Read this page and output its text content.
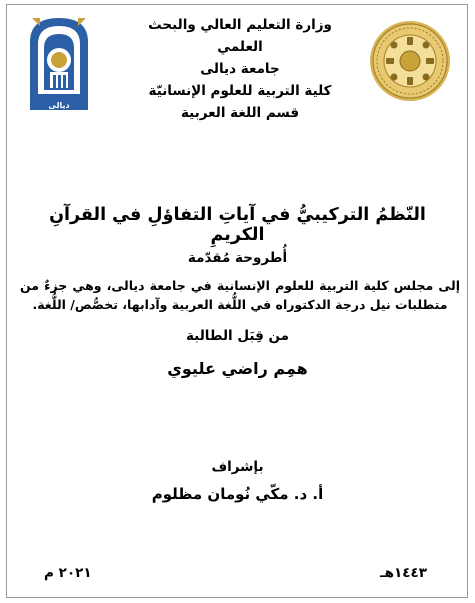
ديالى
وزارة التعليم العالي والبحث العلمي
جامعة ديالى
كلية التربية للعلوم الإنسانيّة
قسم اللغة العربية
النّظمُ التركيبيُّ في آياتِ التفاؤلِ في القرآنِ الكريمِ
أُطروحة مُقدّمة
إلى مجلس كلية التربية للعلوم الإنسانية في جامعة ديالى، وهي جزءٌ من متطلبات نيل درجة الدكتوراه في اللُّغة العربية وآدابها، تخصُّص/ اللُّغة.
من قِبَل الطالبة
همِم راضي عليوي
بإشراف
أ. د. مكّي نُومان مظلوم
١٤٤٣هـ
٢٠٢١ م
